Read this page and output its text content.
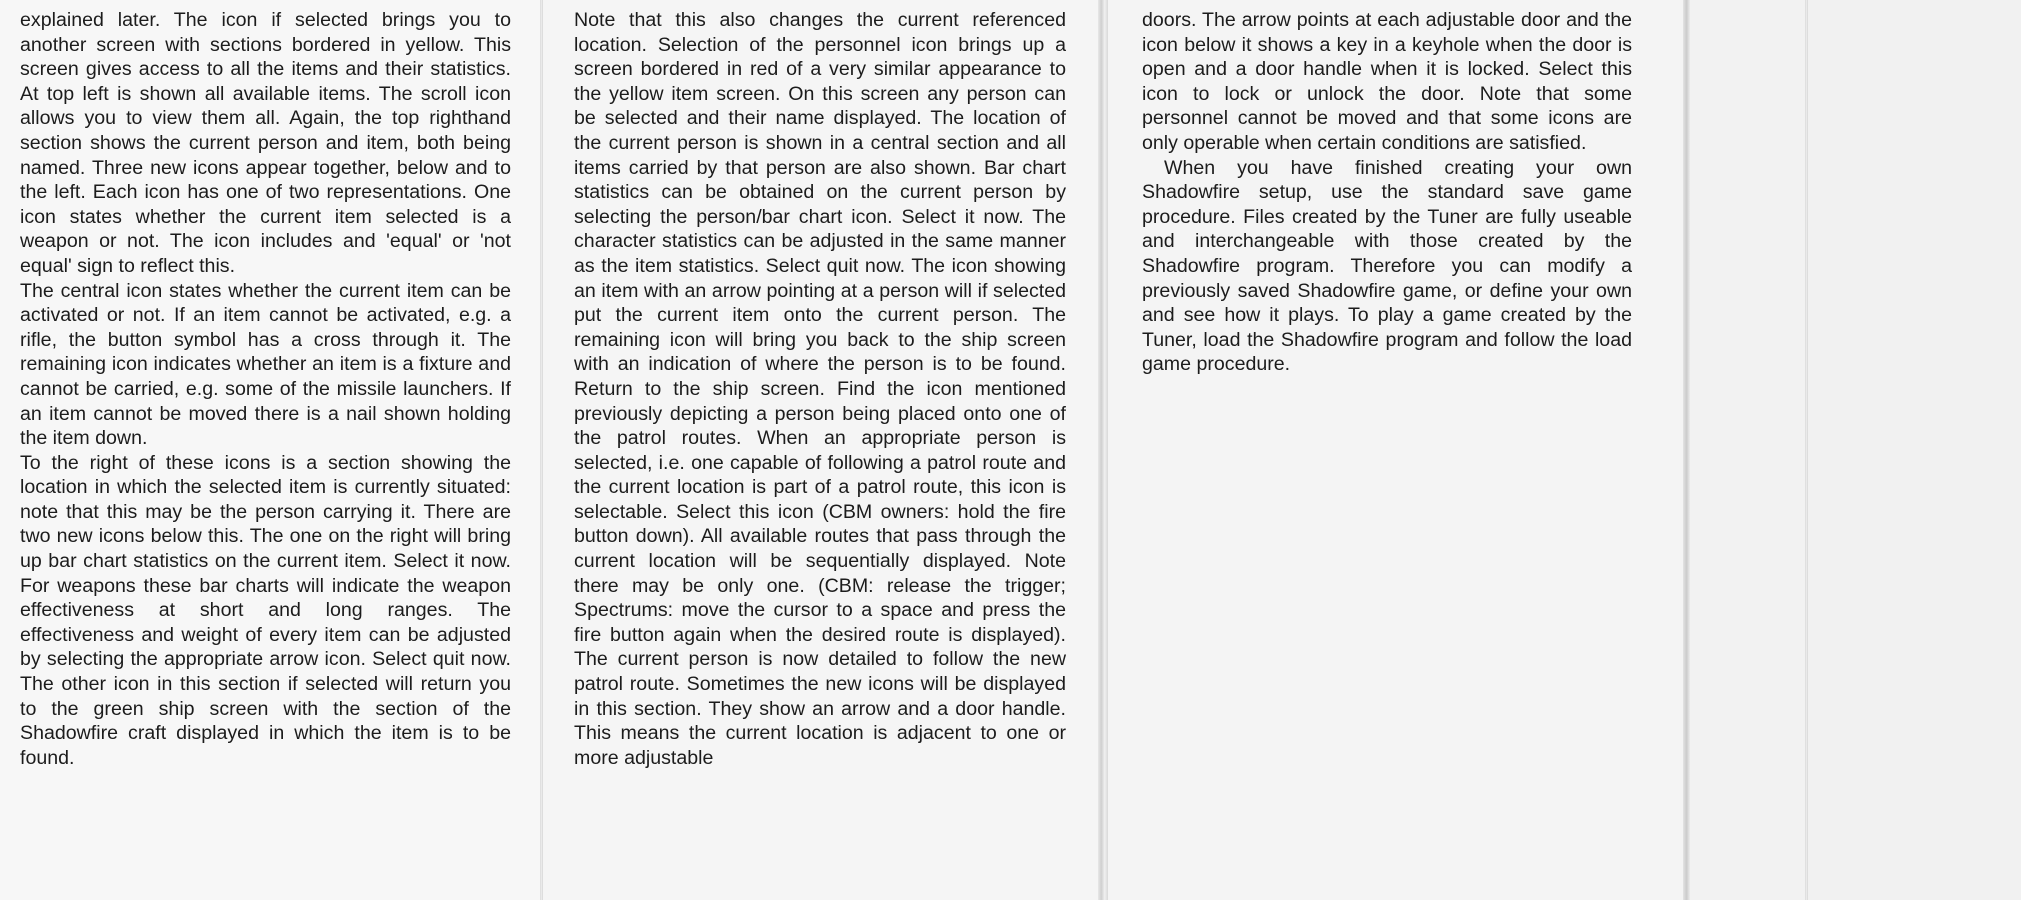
explained later. The icon if selected brings you to another screen with sections bordered in yellow. This screen gives access to all the items and their statistics. At top left is shown all available items. The scroll icon allows you to view them all. Again, the top righthand section shows the current person and item, both being named. Three new icons appear together, below and to the left. Each icon has one of two representations. One icon states whether the current item selected is a weapon or not. The icon includes and 'equal' or 'not equal' sign to reflect this.

The central icon states whether the current item can be activated or not. If an item cannot be activated, e.g. a rifle, the button symbol has a cross through it. The remaining icon indicates whether an item is a fixture and cannot be carried, e.g. some of the missile launchers. If an item cannot be moved there is a nail shown holding the item down.

To the right of these icons is a section showing the location in which the selected item is currently situated: note that this may be the person carrying it. There are two new icons below this. The one on the right will bring up bar chart statistics on the current item. Select it now. For weapons these bar charts will indicate the weapon effectiveness at short and long ranges. The effectiveness and weight of every item can be adjusted by selecting the appropriate arrow icon. Select quit now. The other icon in this section if selected will return you to the green ship screen with the section of the Shadowfire craft displayed in which the item is to be found.

Note that this also changes the current referenced location. Selection of the personnel icon brings up a screen bordered in red of a very similar appearance to the yellow item screen. On this screen any person can be selected and their name displayed. The location of the current person is shown in a central section and all items carried by that person are also shown. Bar chart statistics can be obtained on the current person by selecting the person/bar chart icon. Select it now. The character statistics can be adjusted in the same manner as the item statistics. Select quit now. The icon showing an item with an arrow pointing at a person will if selected put the current item onto the current person. The remaining icon will bring you back to the ship screen with an indication of where the person is to be found. Return to the ship screen. Find the icon mentioned previously depicting a person being placed onto one of the patrol routes. When an appropriate person is selected, i.e. one capable of following a patrol route and the current location is part of a patrol route, this icon is selectable. Select this icon (CBM owners: hold the fire button down). All available routes that pass through the current location will be sequentially displayed. Note there may be only one. (CBM: release the trigger; Spectrums: move the cursor to a space and press the fire button again when the desired route is displayed). The current person is now detailed to follow the new patrol route. Sometimes the new icons will be displayed in this section. They show an arrow and a door handle. This means the current location is adjacent to one or more adjustable

doors. The arrow points at each adjustable door and the icon below it shows a key in a keyhole when the door is open and a door handle when it is locked. Select this icon to lock or unlock the door. Note that some personnel cannot be moved and that some icons are only operable when certain conditions are satisfied.

When you have finished creating your own Shadowfire setup, use the standard save game procedure. Files created by the Tuner are fully useable and interchangeable with those created by the Shadowfire program. Therefore you can modify a previously saved Shadowfire game, or define your own and see how it plays. To play a game created by the Tuner, load the Shadowfire program and follow the load game procedure.
